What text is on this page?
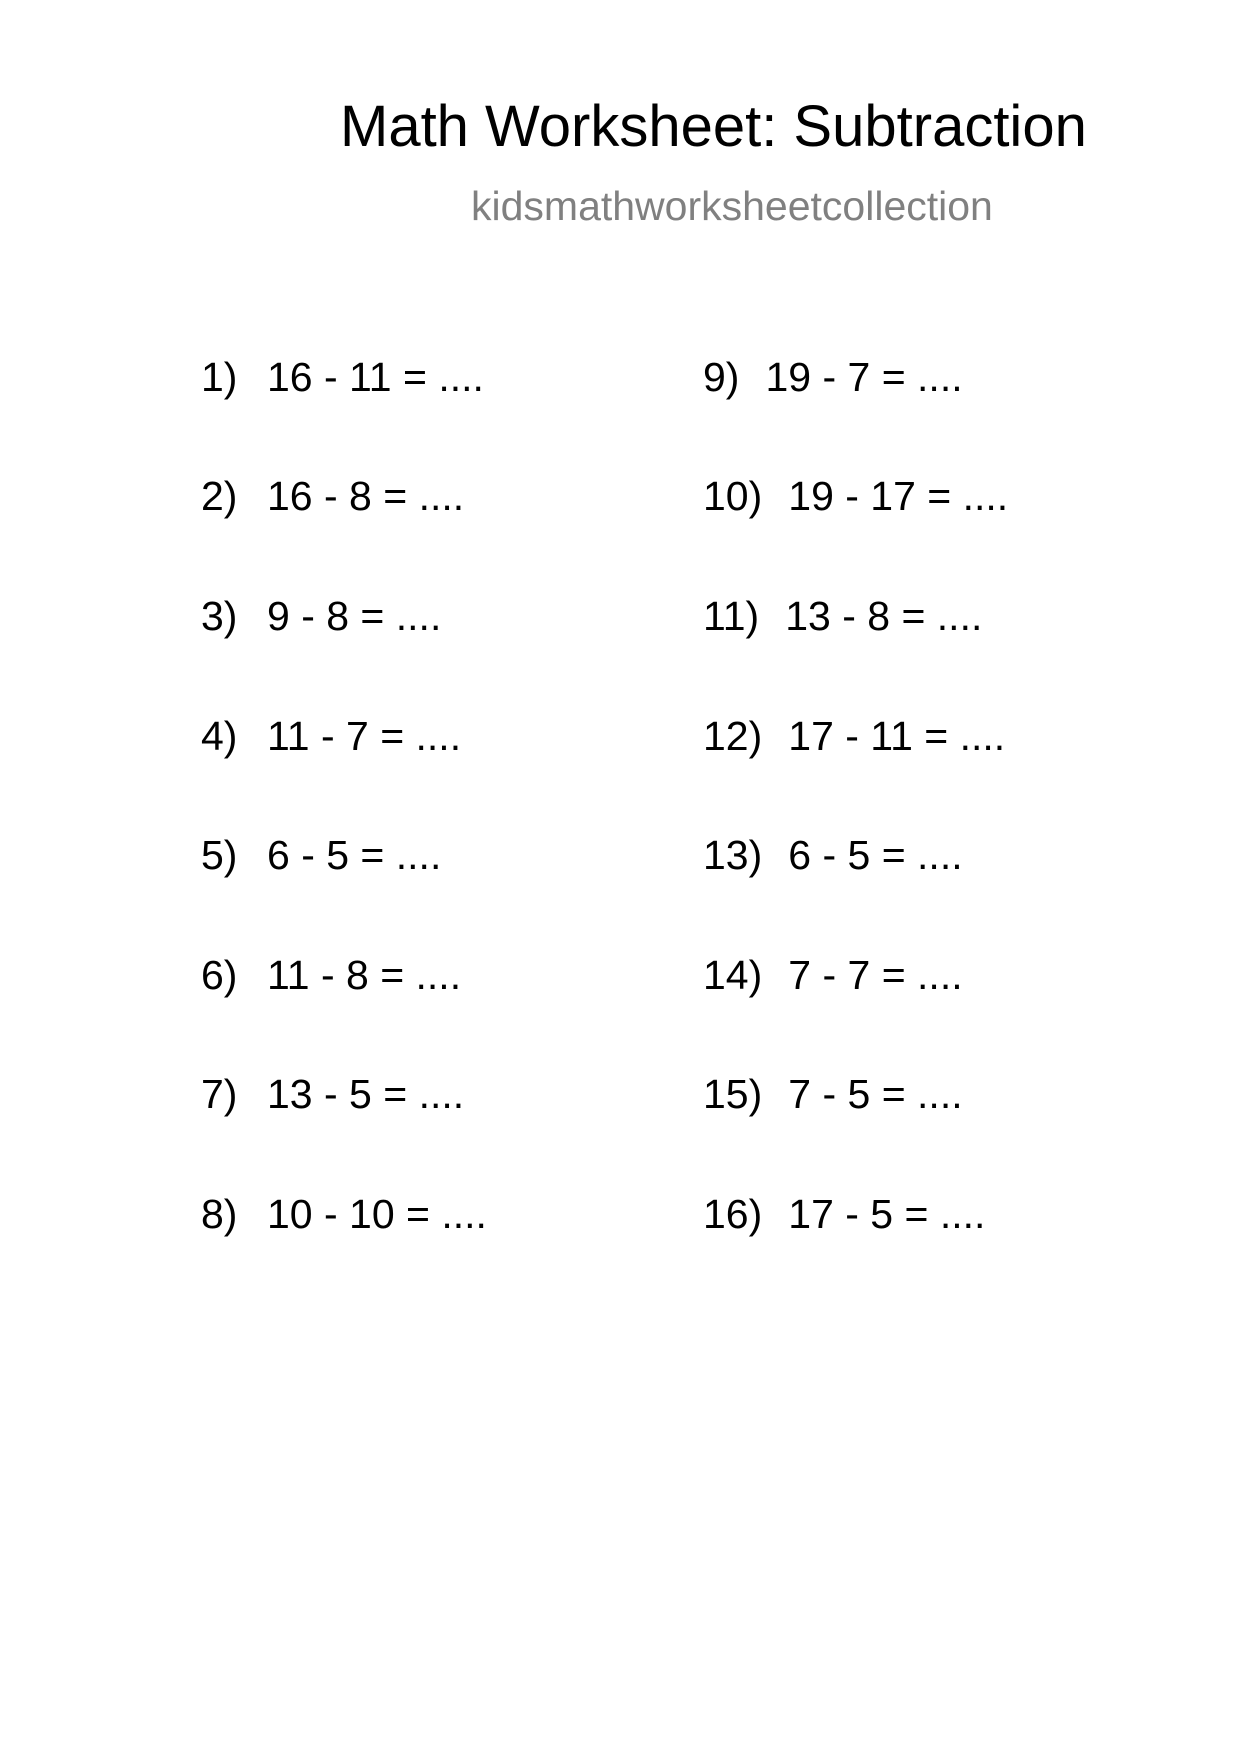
Math Worksheet: Subtraction
kidsmathworksheetcollection
1) 16 - 11 = ....
2) 16 - 8 = ....
3) 9 - 8 = ....
4) 11 - 7 = ....
5) 6 - 5 = ....
6) 11 - 8 = ....
7) 13 - 5 = ....
8) 10 - 10 = ....
9) 19 - 7 = ....
10) 19 - 17 = ....
11) 13 - 8 = ....
12) 17 - 11 = ....
13) 6 - 5 = ....
14) 7 - 7 = ....
15) 7 - 5 = ....
16) 17 - 5 = ....
